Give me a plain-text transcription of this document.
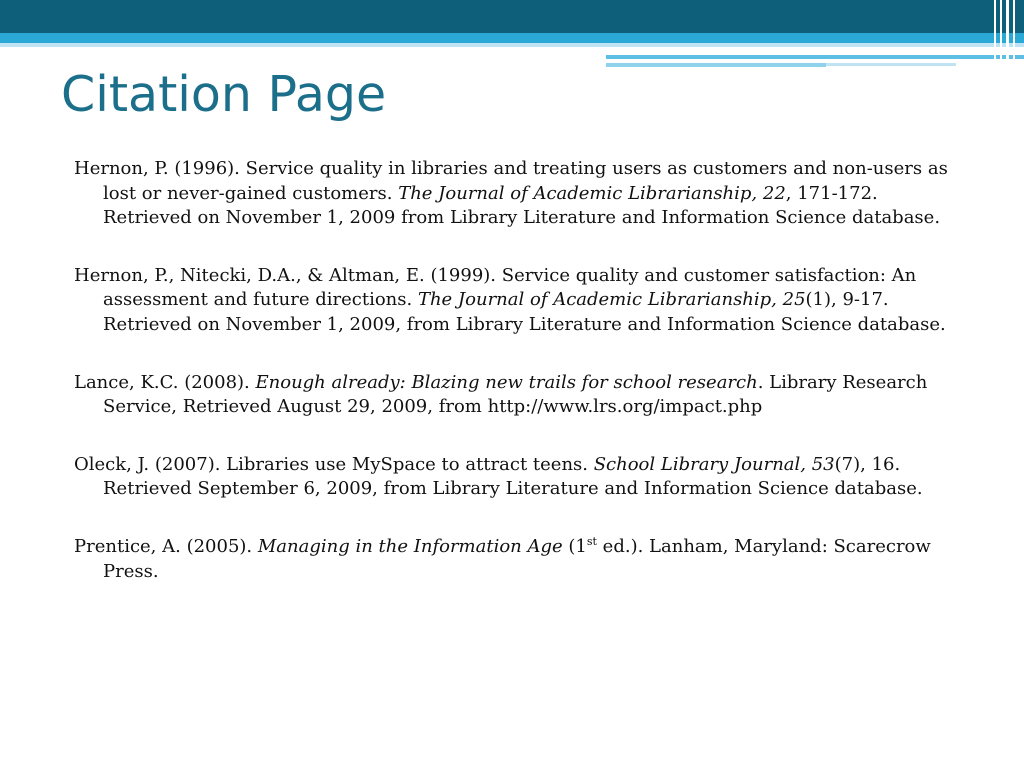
Citation Page

Hernon, P. (1996). Service quality in libraries and treating users as customers and non-users as lost or never-gained customers. The Journal of Academic Librarianship, 22, 171-172. Retrieved on November 1, 2009 from Library Literature and Information Science database.

Hernon, P., Nitecki, D.A., & Altman, E. (1999). Service quality and customer satisfaction: An assessment and future directions. The Journal of Academic Librarianship, 25(1), 9-17. Retrieved on November 1, 2009, from Library Literature and Information Science database.

Lance, K.C. (2008). Enough already: Blazing new trails for school research. Library Research Service, Retrieved August 29, 2009, from http://www.lrs.org/impact.php

Oleck, J. (2007). Libraries use MySpace to attract teens. School Library Journal, 53(7), 16. Retrieved September 6, 2009, from Library Literature and Information Science database.

Prentice, A. (2005). Managing in the Information Age (1st ed.). Lanham, Maryland: Scarecrow Press.
